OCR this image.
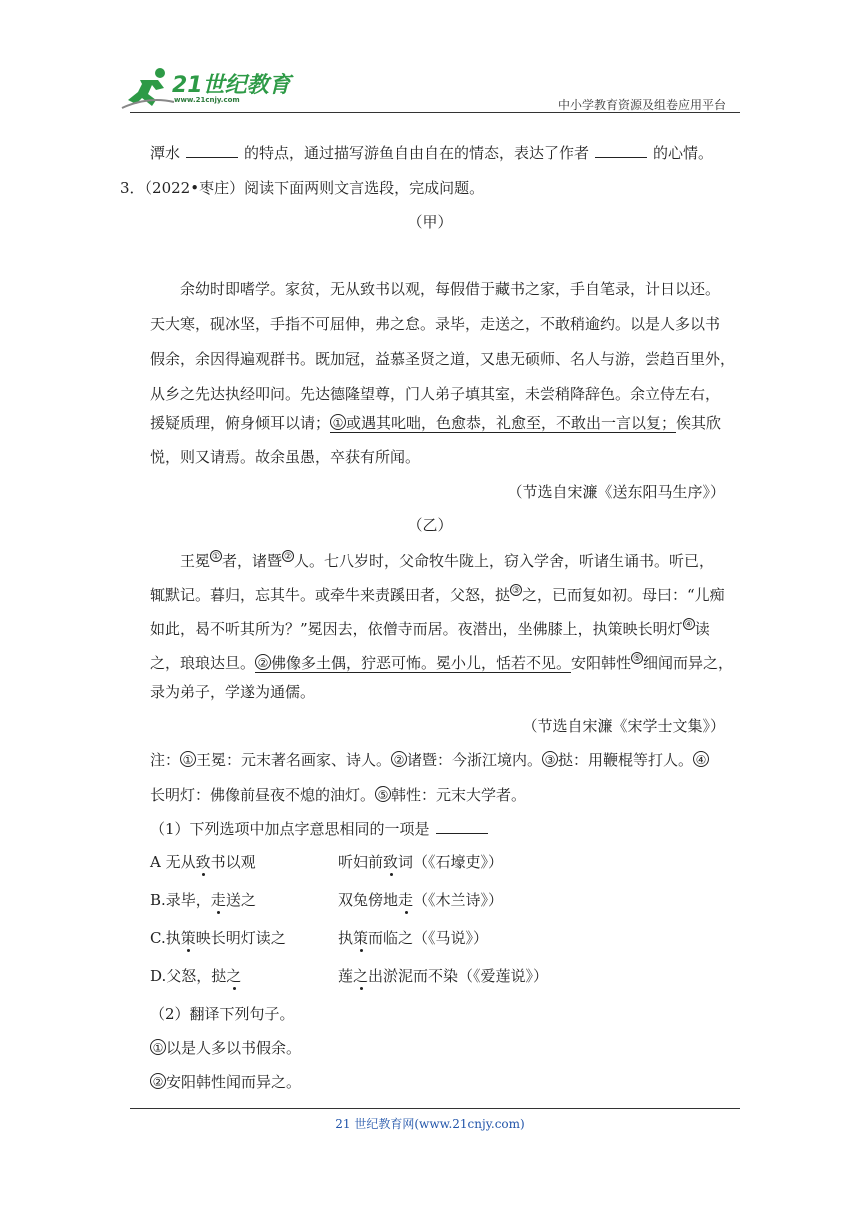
21世纪教育
www.21cnjy.com	中小学教育资源及组卷应用平台
潭水	的特点，通过描写游鱼自由自在的情态，表达了作者	的心情。
3．（2022•枣庄）阅读下面两则文言选段，完成问题。
（甲）
余幼时即嗜学。家贫，无从致书以观，每假借于藏书之家，手自笔录，计日以还。
天大寒，砚冰坚，手指不可屈伸，弗之怠。录毕，走送之，不敢稍逾约。以是人多以书
假余，余因得遍观群书。既加冠，益慕圣贤之道，又患无硕师、名人与游，尝趋百里外，
从乡之先达执经叩问。先达德隆望尊，门人弟子填其室，未尝稍降辞色。余立侍左右，
援疑质理，俯身倾耳以请； ① 或遇其叱咄，色愈恭，礼愈至，不敢出一言以复；俟其欣
悦，则又请焉。故余虽愚，卒获有所闻。
（节选自宋濂《送东阳马生序》）
（乙）
王冕 ① 者，诸暨 ② 人。七八岁时，父命牧牛陇上，窃入学舍，听诸生诵书。听已，
辄默记。暮归，忘其牛。或牵牛来责蹊田者，父怒，挞 ③ 之，已而复如初。母曰：“儿痴
如此，曷不听其所为？”冕因去，依僧寺而居。夜潜出，坐佛膝上，执策映长明灯 ④ 读
之，琅琅达旦。 ② 佛像多土偶，狞恶可怖。冕小儿，恬若不见。安阳韩性 ⑤ 细闻而异之，
录为弟子，学遂为通儒。
（节选自宋濂《宋学士文集》）
注： ① 王冕：元末著名画家、诗人。 ② 诸暨：今浙江境内。 ③ 挞：用鞭棍等打人。 ④
长明灯：佛像前昼夜不熄的油灯。 ⑤ 韩性：元末大学者。
（1）下列选项中加点字意思相同的一项是
A 无从致书以观	听妇前致词（《石壕吏》）
B.录毕，走送之	双兔傍地走（《木兰诗》）
C.执策映长明灯读之	执策而临之（《马说》）
D.父怒，挞之	莲之出淤泥而不染（《爱莲说》）
（2）翻译下列句子。
① 以是人多以书假余。
② 安阳韩性闻而异之。
21 世纪教育网(www.21cnjy.com)
